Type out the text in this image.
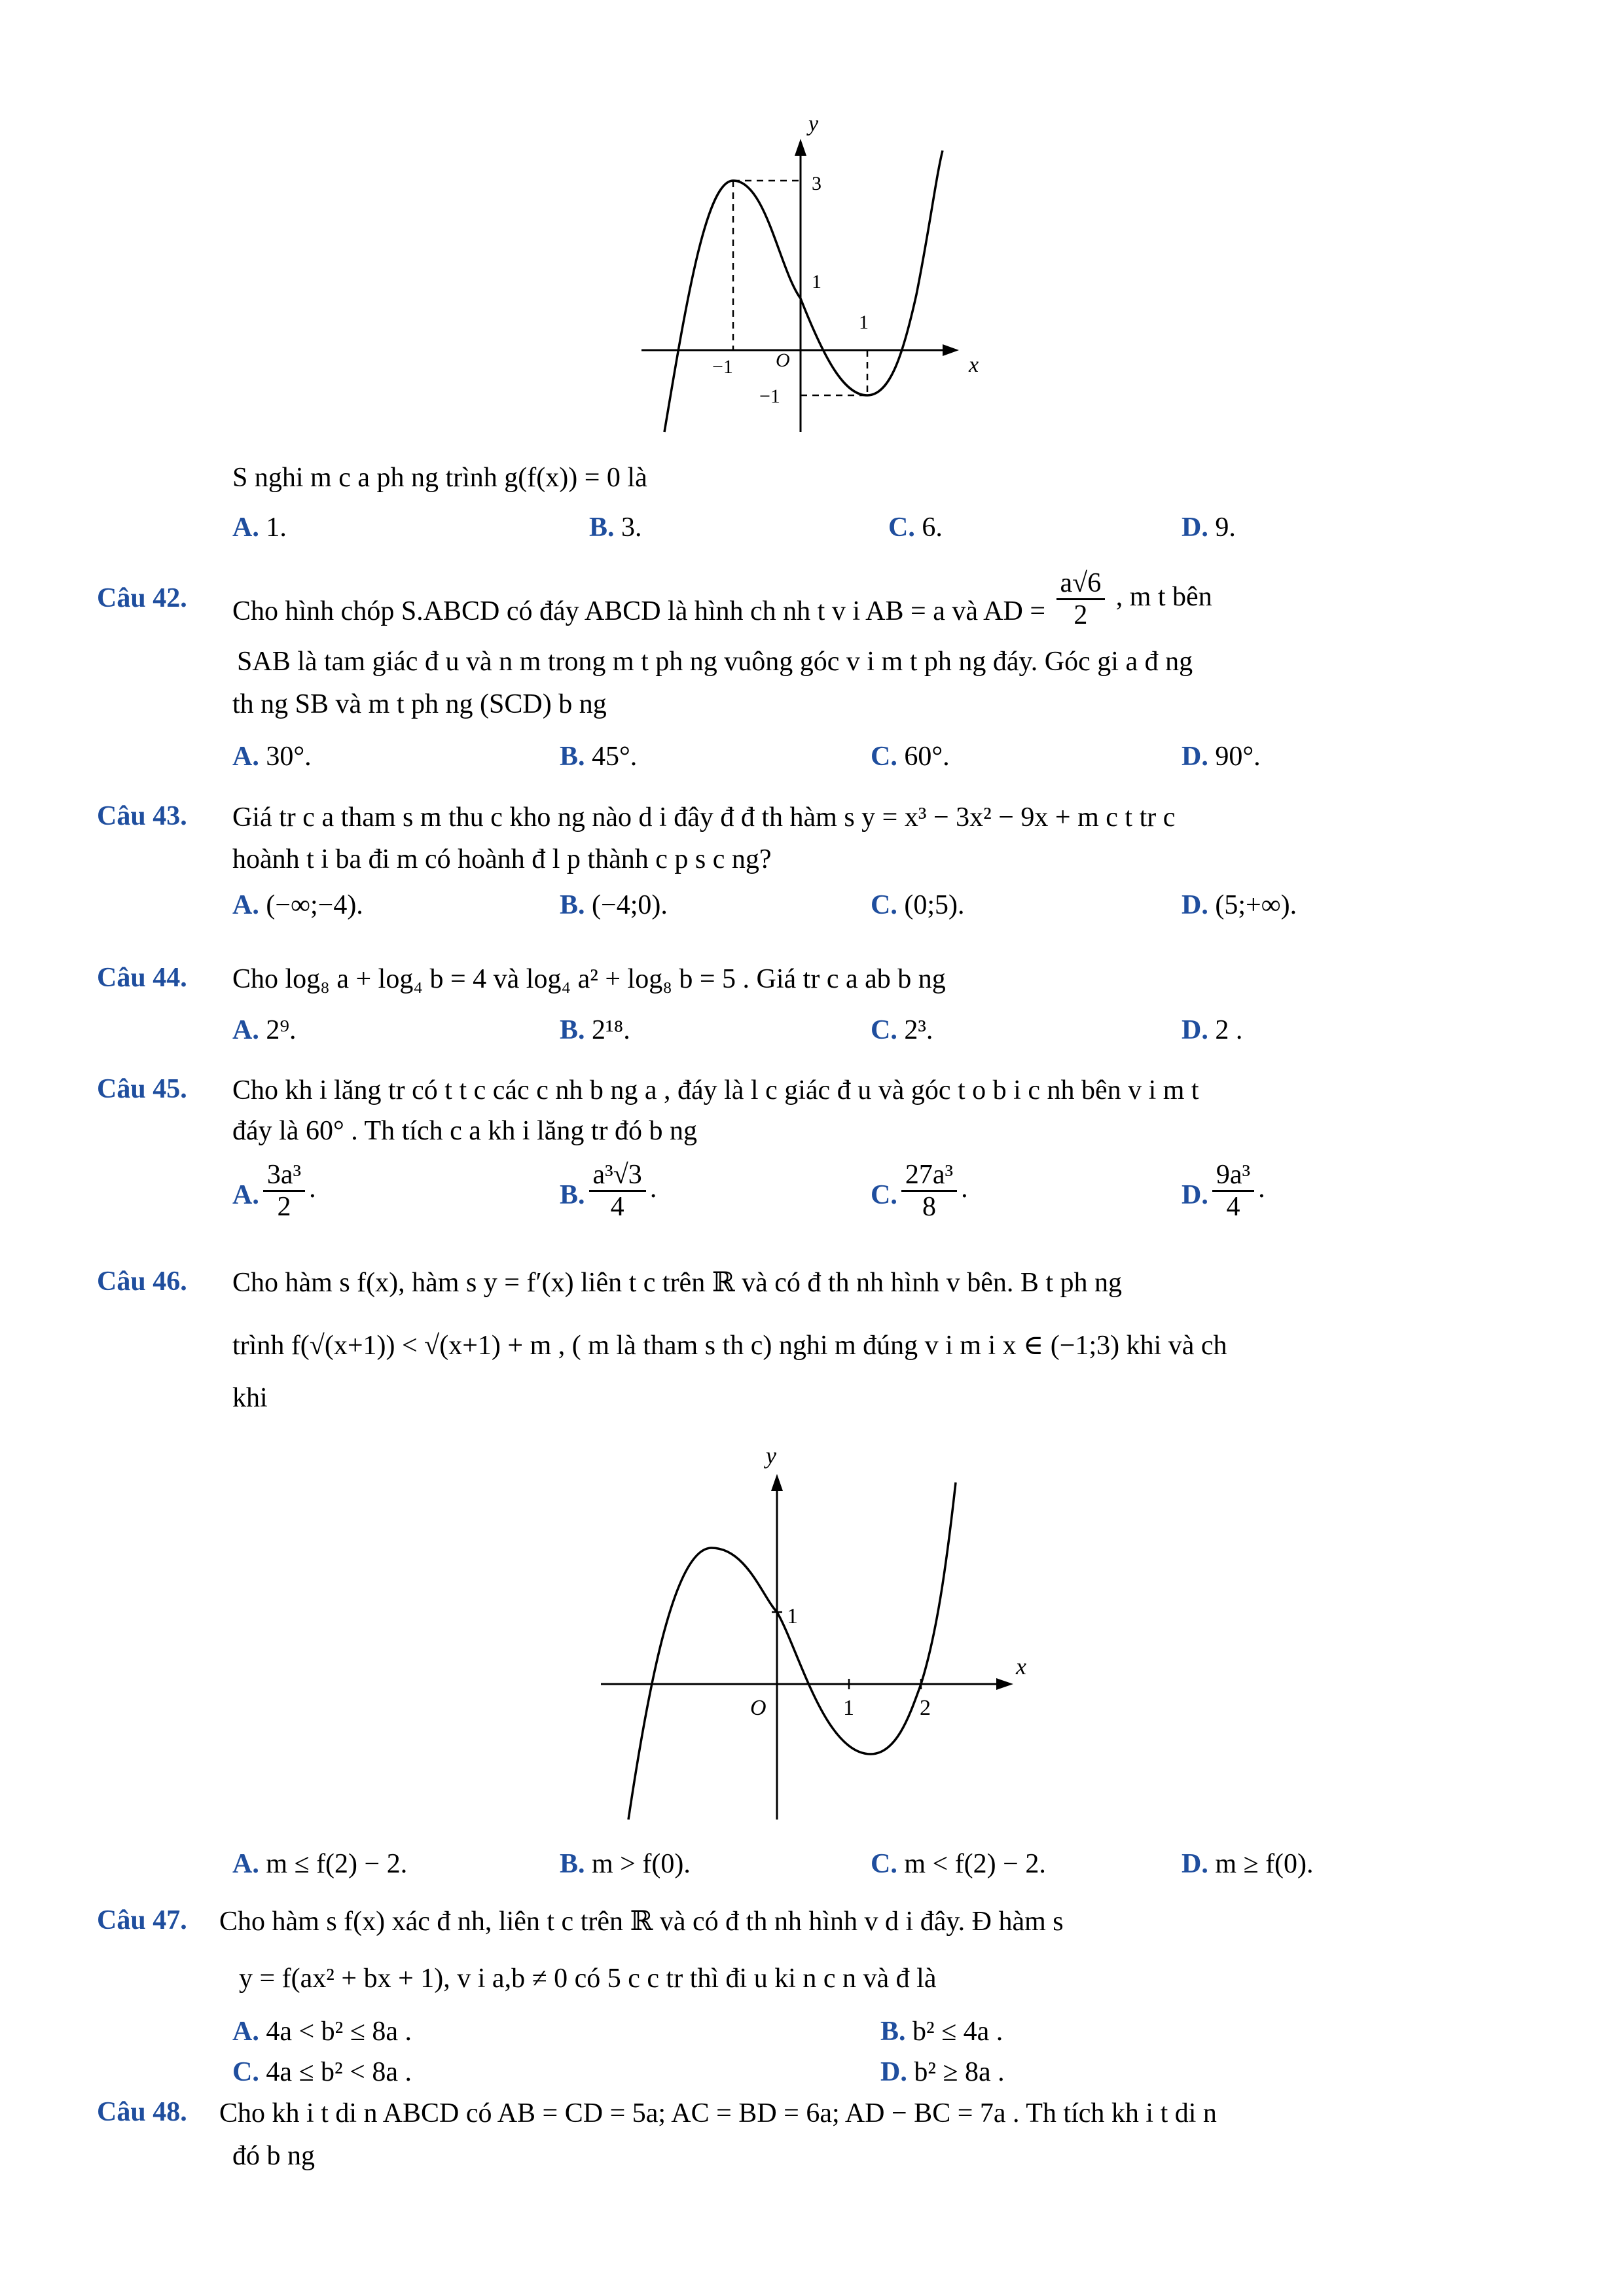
y
x
3
1
1
−1
−1
O
S nghi m c a ph ng trình g(f(x)) = 0 là
A. 1.	B. 3.	C. 6.	D. 9.
Câu 42. Cho hình chóp S.ABCD có đáy ABCD là hình ch nh t v i AB = a và AD = $\frac{a√6}{2}$ , m t bên
SAB là tam giác đ u và n m trong m t ph ng vuông góc v i m t ph ng đáy. Góc gi a đ ng
th ng SB và m t ph ng (SCD) b ng
A. 30°.	B. 45°.	C. 60°.	D. 90°.
Câu 43. Giá tr c a tham s m thu c kho ng nào d i đây đ đ th hàm s y = x³ − 3x² − 9x + m c t tr c
hoành t i ba đi m có hoành đ l p thành c p s c ng?
A. (−∞;−4).	B. (−4;0).	C. (0;5).	D. (5;+∞).
Câu 44. Cho log₈ a + log₄ b = 4 và log₄ a² + log₈ b = 5 . Giá tr c a ab b ng
A. 2⁹.	B. 2¹⁸.	C. 2³.	D. 2 .
Câu 45. Cho kh i lăng tr có t t c các c nh b ng a , đáy là l c giác đ u và góc t o b i c nh bên v i m t
đáy là 60° . Th tích c a kh i lăng tr đó b ng
A. $\frac{\text{3a³}}{2}$ .	B. $\frac{\text{a³√3}}{4}$ .	C. $\frac{\text{27a³}}{8}$ .	D. $\frac{\text{9a³}}{4}$ .
Câu 46. Cho hàm s f(x), hàm s y = f′(x) liên t c trên ℝ và có đ th nh hình v bên. B t ph ng
trình f(√(x+1)) < √(x+1) + m , ( m là tham s th c) nghi m đúng v i m i x ∈ (−1;3) khi và ch
khi
y
x
1
1	2
O
A. m ≤ f(2) − 2.	B. m > f(0).	C. m < f(2) − 2.	D. m ≥ f(0).
Câu 47. Cho hàm s f(x) xác đ nh, liên t c trên ℝ và có đ th nh hình v d i đây. Đ hàm s
y = f(ax² + bx + 1), v i a,b ≠ 0 có 5 c c tr thì đi u ki n c n và đ là
A. 4a < b² ≤ 8a .	B. b² ≤ 4a .
C. 4a ≤ b² < 8a .	D. b² ≥ 8a .
Câu 48. Cho kh i t di n ABCD có AB = CD = 5a; AC = BD = 6a; AD − BC = 7a . Th tích kh i t di n
đó b ng
